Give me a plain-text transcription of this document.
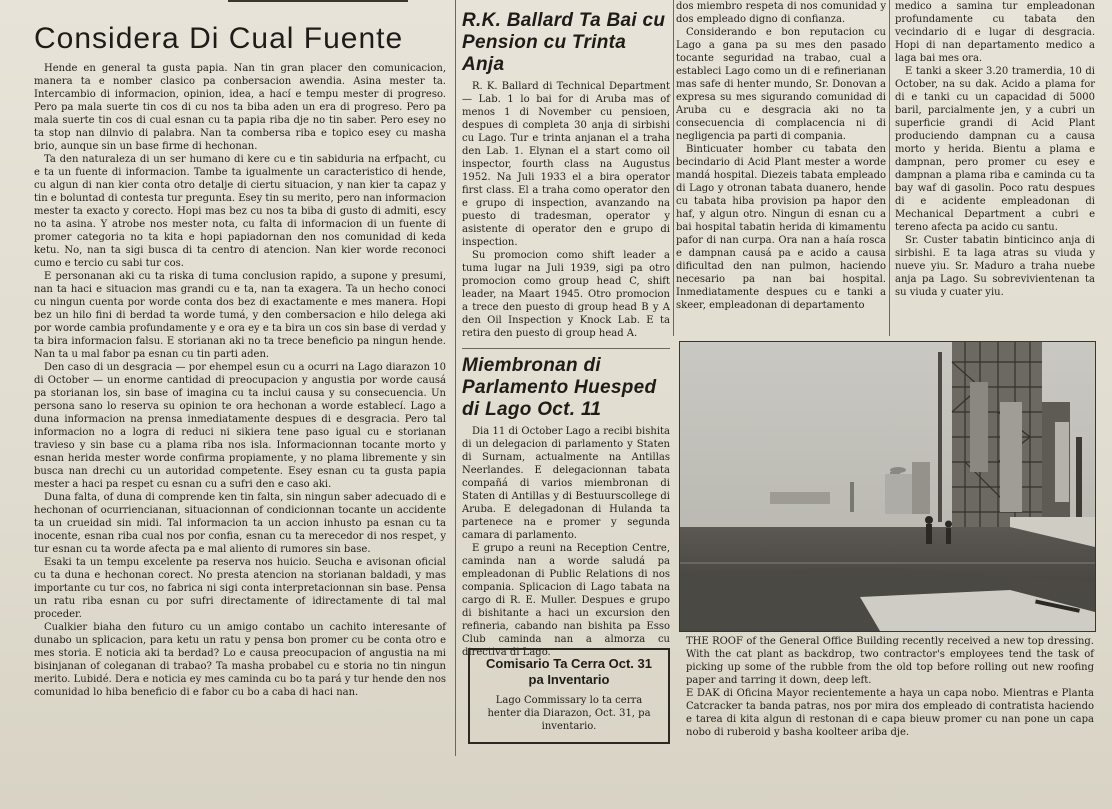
Considera Di Cual Fuente

Hende en general ta gusta papia. Nan tin gran placer den comunicacion, manera ta e nomber clasico pa conbersacion awendia. Asina mester ta. Intercambio di informacion, opinion, idea, a hací e tempu mester di progreso. Pero pa mala suerte tin cos di cu nos ta biba aden un era di progreso. Pero pa mala suerte tin cos di cual esnan cu ta papia riba dje no tin saber. Pero esey no ta stop nan dilnvio di palabra. Nan ta combersa riba e topico esey cu masha brio, aunque sin un base firme di hechonan.

Ta den naturaleza di un ser humano di kere cu e tin sabiduria na erfpacht, cu e ta un fuente di informacion. Tambe ta igualmente un caracteristico di hende, cu algun di nan kier conta otro detalje di ciertu situacion, y nan kier ta capaz y tin e boluntad di contesta tur pregunta. Esey tin su merito, pero nan informacion mester ta exacto y corecto. Hopi mas bez cu nos ta biba di gusto di admiti, escy no ta asina. Y atrobe nos mester nota, cu falta di informacion di un fuente di promer categoria no ta kita e hopi papiadornan den nos comunidad di keda ketu. No, nan ta sigi busca di ta centro di atencion. Nan kier worde reconoci cumo e tercio cu sabi tur cos.

E personanan aki cu ta riska di tuma conclusion rapido, a supone y presumi, nan ta haci e situacion mas grandi cu e ta, nan ta exagera. Ta un hecho conoci cu ningun cuenta por worde conta dos bez di exactamente e mes manera. Hopi bez un hilo fini di berdad ta worde tumá, y den combersacion e hilo delega aki por worde cambia profundamente y e ora ey e ta bira un cos sin base di verdad y ta bira informacion falsu. E storianan aki no ta trece beneficio pa ningun hende. Nan ta u mal fabor pa esnan cu tin parti aden.

Den caso di un desgracia — por ehempel esun cu a ocurri na Lago diarazon 10 di October — un enorme cantidad di preocupacion y angustia por worde causá pa storianan los, sin base of imagina cu ta inclui causa y su consecuencia. Un persona sano lo reserva su opinion te ora hechonan a worde establecí. Lago a duna informacion na prensa inmediatamente despues di e desgracia. Pero tal informacion no a logra di reduci ni sikiera tene paso igual cu e storianan travieso y sin base cu a plama riba nos isla. Informacionnan tocante morto y esnan herida mester worde confirma propiamente, y no plama librementе y sin busca nan drechi cu un autoridad competente. Esey esnan cu ta gusta papia mester a haci pa respet cu esnan cu a sufri den e caso aki.

Duna falta, of duna di comprende ken tin falta, sin ningun saber adecuado di e hechonan of ocurriencianan, situacionnan of condicionnan tocante un accidente ta un crueidad sin midi. Tal informacion ta un accion inhusto pa esnan cu ta inocente, esnan riba cual nos por confia, esnan cu ta merecedor di nos respet, y tur esnan cu ta worde afecta pa e mal aliento di rumores sin base.

Esaki ta un tempu excelente pa reserva nos huicio. Seucha e avisonan oficial cu ta duna e hechonan corect. No presta atencion na storianan baldadi, y mas importante cu tur cos, no fabrica ni sigi conta interpretacionnan sin base. Pensa un ratu riba esnan cu por sufri directamente of idirectamente di tal mal proceder.

Cualkier biaha den futuro cu un amigo contabo un cachito interesante of dunabo un splicacion, para ketu un ratu y pensa bon promer cu be conta otro e mes storia. E noticia aki ta berdad? Lo e causa preocupacion of angustia na mi bisinjanan of coleganan di trabao? Ta masha probabel cu e storia no tin ningun merito. Lubidé. Dera e noticia ey mes caminda cu bo ta pará y tur hende den nos comunidad lo hiba beneficio di e fabor cu bo a caba di haci nan.

R.K. Ballard Ta Bai cu Pension cu Trinta Anja

R. K. Ballard di Technical Department — Lab. 1 lo bai for di Aruba mas of menos 1 di November cu pensioen, despues di completa 30 anja di sirbishi cu Lago. Tur e trinta anjanan el a traha den Lab. 1. Elynan el a start como oil inspector, fourth class na Augustus 1952. Na Juli 1933 el a bira operator first class. El a traha como operator den e grupo di inspection, avanzando na puesto di tradesman, operator y asistente di operator den e grupo di inspection.

Su promocion como shift leader a tuma lugar na Juli 1939, sigi pa otro promocion como group head C, shift leader, na Maart 1945. Otro promocion a trece den puesto di group head B y A den Oil Inspection y Knock Lab. E ta retira den puesto di group head A.

Miembronan di Parlamento Huesped di Lago Oct. 11

Dia 11 di October Lago a recibi bishita di un delegacion di parlamento y Staten di Surnam, actualmente na Antillas Neerlandes. E delegacionnan tabata compañá di varios miembronan di Staten di Antillas y di Bestuurscollege di Aruba. E delegadonan di Hulanda ta partenece na e promer y segunda camara di parlamento.

E grupo a reuni na Reception Centre, caminda nan a worde saludá pa empleadonan di Public Relations di nos compania. Splicacion di Lago tabata na cargo di R. E. Muller. Despues e grupo di bishitante a haci un excursion den refineria, cabando nan bishita pa Esso Club caminda nan a almorza cu directiva di Lago.

Comisario Ta Cerra Oct. 31 pa Inventario

Lago Commissary lo ta cerra henter dia Diarazon, Oct. 31, pa inventario.

dos miembro respeta di nos comunidad y dos empleado digno di confianza.

Considerando e bon reputacion cu Lago a gana pa su mes den pasado tocante seguridad na trabao, cual a estableci Lago como un di e refinerianan mas safe di henter mundo, Sr. Donovan a expresa su mes sigurando comunidad di Aruba cu e desgracia aki no ta consecuencia di complacencia ni di negligencia pa parti di compania.

Binticuater homber cu tabata den becindario di Acid Plant mester a worde mandá hospital. Diezeis tabata empleado di Lago y otronan tabata duanero, hende cu tabata hiba provision pa hapor den haf, y algun otro. Ningun di esnan cu a bai hospital tabatin herida di kimamentu pafor di nan curpa. Ora nan a haía rosca e dampnan causá pa e acido a causa dificultad den nan pulmon, haciendo necesario pa nan bai hospital. Inmediatamente despues cu e tanki a skeer, empleadonan di departamento

medico a samina tur empleadonan profundamente cu tabata den vecindario di e lugar di desgracia. Hopi di nan departamento medico a laga bai mes ora.

E tanki a skeer 3.20 tramerdia, 10 di October, na su dak. Acido a plama for di e tanki cu un capacidad di 5000 baril, parcialmente jen, y a cubri un superficie grandi di Acid Plant produciendo dampnan cu a causa morto y herida. Bientu a plama e dampnan, pero promer cu esey e dampnan a plama riba e caminda cu ta bay waf di gasolin. Poco ratu despues di e acidente empleadonan di Mechanical Department a cubri e tereno afecta pa acido cu santu.

Sr. Custer tabatin binticinco anja di sirbishi. E ta laga atras su viuda y nueve yiu. Sr. Maduro a traha nuebe anja pa Lago. Su sobrevivientenan ta su viuda y cuater yiu.

THE ROOF of the General Office Building recently received a new top dressing. With the cat plant as backdrop, two contractor's employees tend the task of picking up some of the rubble from the old top before rolling out new roofing paper and tarring it down, deep left.

E DAK di Oficina Mayor recientemente a haya un capa nobo. Mientras e Planta Catcracker ta banda patras, nos por mira dos empleado di contratista haciendo e tarea di kita algun di restonan di e capa bieuw promer cu nan pone un capa nobo di ruberoid y basha koolteer ariba dje.
